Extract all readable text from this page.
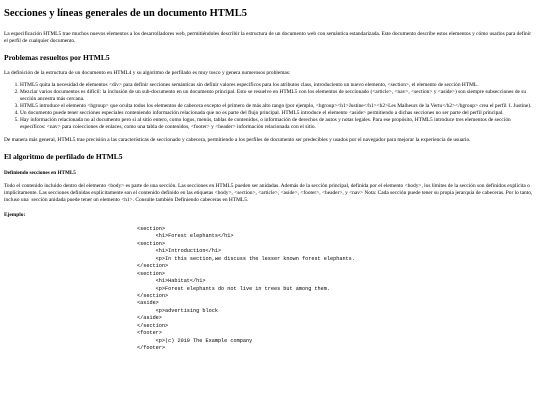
Secciones y líneas generales de un documento HTML5

La especificación HTML5 trae muchos nuevos elementos a los desarrolladores web, permitiéndoles describir la estructura de un documento web con semántica estandarizada. Este documento describe estos elementos y cómo usarlos para definir el perfil de cualquier documento.

Problemas resueltos por HTML5

La definición de la estructura de un documento en HTML4 y su algoritmo de perfilado es muy tosco y genera numerosos problemas:

1. HTML5 quita la necesidad de elementos <div> para definir secciones semánticas sin definir valores específicos para los atributos class, introduciento un nuevo elemento, <section>, el elemento de sección HTML.
2. Mezclar varios documentos es difícil: la inclusión de un sub-documento en un documento principal. Esto se resuelve en HTML5 con los elementos de seccionado (<article>, <nav>, <section> y <aside>) son siempre subsecciones de su sección ancestra más cercana.
3. HTML5 introduce el elemento <hgroup> que oculta todos los elementos de cabecera excepto el primero de más alto rango (por ejemplo, <hgroup><h1>Justine</h1><h2>Les Malheurs de la Vertu</h2></hgroup> crea el perfil 1. Justine).
4. Un documento puede tener secciones especiales conteniendo información relacionada que no es parte del flujo principal. HTML5 introduce el elemento <aside> permitiendo a dichas secciones no ser parte del perfil principal.
5. Hay información relacionada no al documento pero sí al sitio entero, como logos, menús, tablas de contenidos, o información de derechos de autos y notas legales. Para ese propósito, HTML5 introduce tres elementos de sección específicos: <nav> para colecciones de enlaces, como una tabla de contenidos, <footer> y <header> información relacionada con el sitio.

De manera más general, HTML5 trae precisión a las características de seccionado y cabecera, permitiendo a los perfiles de documento ser predecibles y usados por el navegador para mejorar la experiencia de usuario.

El algoritmo de perfilado de HTML5
Definiendo secciones en HTML5

Todo el contenido incluido dentro del elemento <body> es parte de una sección. Las secciones en HTML5 pueden ser anidadas. Además de la sección principal, definida por el elemento <body>, los límites de la sección son definidos explícita o implícitamente. Las secciones definidas explícitamente son el contenido definido en las etiquetas <body>, <section>, <article>, <aside>, <footer>, <header>, y <nav> Nota: Cada sección puede tener su propia jerarquía de cabeceras. Por lo tanto, incluso una  sección anidada puede tener un elemento <h1>. Consulte también Definiendo cabeceras en HTML5.

Ejemplo:
<section>
<h1>Forest elephants</h1>
<section>
<h1>Introduction</h1>
<p>In this section,we discuss the lesser known forest elephants.
</section>
<section>
<h1>Habitat</h1>
<p>Forest elephants do not live in trees but among them.
</section>
<aside>
<p>advertising block
</aside>
</section>
<footer>
<p>(c) 2010 The Example company
</footer>
